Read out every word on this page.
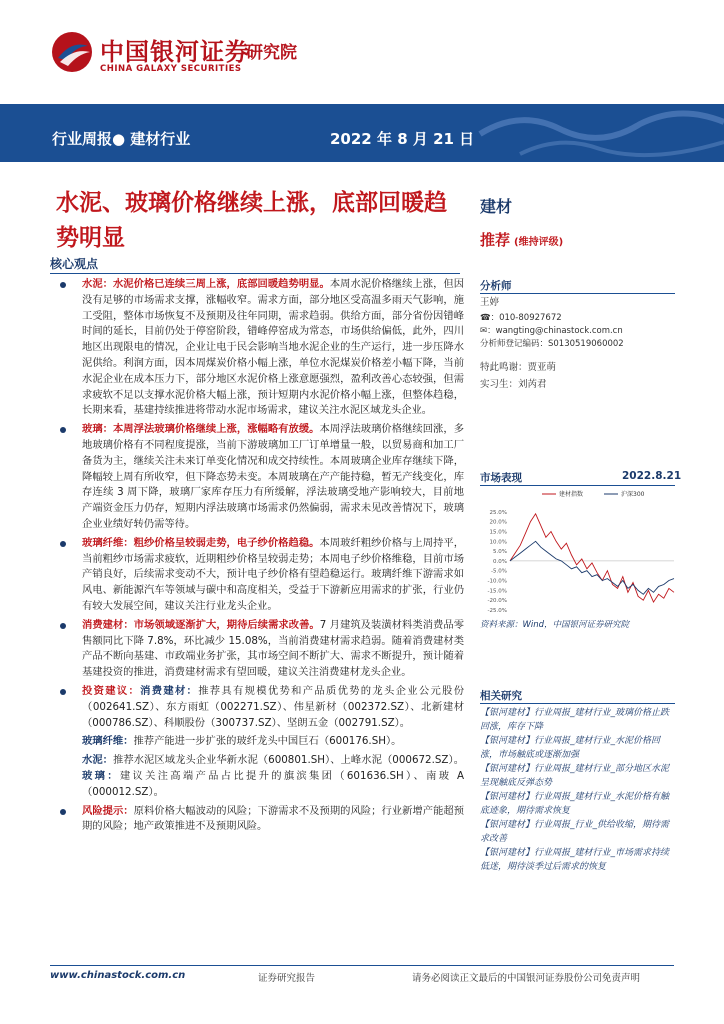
中国银河证券
研究院
CHINA GALAXY SECURITIES
行业周报● 建材行业	2022 年 8 月 21 日
水泥、玻璃价格继续上涨，底部回暖趋势明显
核心观点
建材
推荐 (维持评级)
水泥：水泥价格已连续三周上涨，底部回暖趋势明显。本周水泥价格继续上涨，但因没有足够的市场需求支撑，涨幅收窄。需求方面，部分地区受高温多雨天气影响，施工受阻，整体市场恢复不及预期及往年同期，需求趋弱。供给方面，部分省份因错峰时间的延长，目前仍处于停窑阶段，错峰停窑成为常态，市场供给偏低，此外，四川地区出现限电的情况，企业让电于民会影响当地水泥企业的生产运行，进一步压降水泥供给。利润方面，因本周煤炭价格小幅上涨，单位水泥煤炭价格差小幅下降，当前水泥企业在成本压力下，部分地区水泥价格上涨意愿强烈，盈利改善心态较强，但需求疲软不足以支撑水泥价格大幅上涨，预计短期内水泥价格小幅上涨，但整体趋稳，长期来看，基建持续推进将带动水泥市场需求，建议关注水泥区域龙头企业。
玻璃：本周浮法玻璃价格继续上涨，涨幅略有放缓。本周浮法玻璃价格继续回涨，多地玻璃价格有不同程度提涨，当前下游玻璃加工厂订单增量一般，以贸易商和加工厂备货为主，继续关注未来订单变化情况和成交持续性。本周玻璃企业库存继续下降，降幅较上周有所收窄，但下降态势未变。本周玻璃在产产能持稳，暂无产线变化，库存连续 3 周下降，玻璃厂家库存压力有所缓解，浮法玻璃受地产影响较大，目前地产端资金压力仍存，短期内浮法玻璃市场需求仍然偏弱，需求未见改善情况下，玻璃企业业绩好转仍需等待。
玻璃纤维：粗纱价格呈较弱走势，电子纱价格趋稳。本周玻纤粗纱价格与上周持平，当前粗纱市场需求疲软，近期粗纱价格呈较弱走势；本周电子纱价格维稳，目前市场产销良好，后续需求变动不大，预计电子纱价格有望趋稳运行。玻璃纤维下游需求如风电、新能源汽车等领域与碳中和高度相关，受益于下游新应用需求的扩张，行业仍有较大发展空间，建议关注行业龙头企业。
消费建材：市场领域逐渐扩大，期待后续需求改善。7 月建筑及装潢材料类消费品零售额同比下降 7.8%，环比减少 15.08%，当前消费建材需求趋弱。随着消费建材类产品不断向基建、市政端业务扩张，其市场空间不断扩大、需求不断提升，预计随着基建投资的推进，消费建材需求有望回暖，建议关注消费建材龙头企业。
投资建议：消费建材：推荐具有规模优势和产品质优势的龙头企业公元股份（002641.SZ）、东方雨虹（002271.SZ）、伟星新材（002372.SZ）、北新建材（000786.SZ）、科顺股份（300737.SZ）、坚朗五金（002791.SZ）。
玻璃纤维：推荐产能进一步扩张的玻纤龙头中国巨石（600176.SH）。
水泥：推荐水泥区域龙头企业华新水泥（600801.SH）、上峰水泥（000672.SZ）。玻璃：建议关注高端产品占比提升的旗滨集团（601636.SH）、南玻 A（000012.SZ）。
风险提示：原料价格大幅波动的风险；下游需求不及预期的风险；行业新增产能超预期的风险；地产政策推进不及预期风险。
分析师
王婷
☎：010-80927672
✉：wangting@chinastock.com.cn
分析师登记编码：S0130519060002
特此鸣谢：贾亚萌
实习生：刘芮君
市场表现	2022.8.21
25.0%
20.0%
15.0%
10.0%
5.0%
0.0%
-5.0%
-10.0%
-15.0%
-20.0%
-25.0%
建材指数	沪深300
资料来源：Wind，中国银河证券研究院
相关研究
【银河建材】行业周报_建材行业_玻璃价格止跌回涨，库存下降
【银河建材】行业周报_建材行业_水泥价格回涨，市场触底或逐渐加强
【银河建材】行业周报_建材行业_部分地区水泥呈现触底反弹态势
【银河建材】行业周报_建材行业_水泥价格有触底迹象，期待需求恢复
【银河建材】行业周报_行业_供给收缩，期待需求改善
【银河建材】行业周报_建材行业_市场需求持续低迷，期待淡季过后需求的恢复
www.chinastock.com.cn	证券研究报告	请务必阅读正文最后的中国银河证券股份公司免责声明
